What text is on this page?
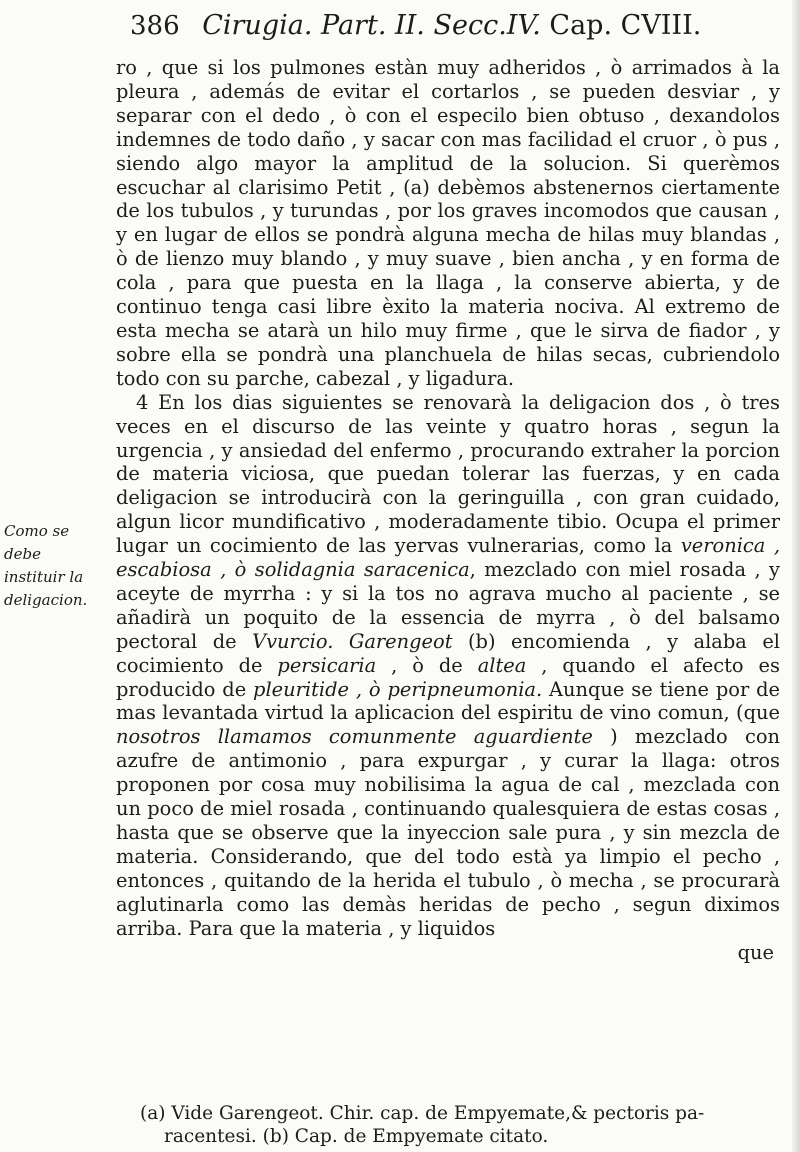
386 Cirugia. Part. II. Secc.IV. Cap. CVIII.
Como se debe instituir la deligacion.

ro , que si los pulmones estàn muy adheridos , ò arrimados à la pleura , además de evitar el cortarlos , se pueden desviar , y separar con el dedo , ò con el especilo bien obtuso , dexandolos indemnes de todo daño , y sacar con mas facilidad el cruor , ò pus , siendo algo mayor la amplitud de la solucion. Si querèmos escuchar al clarisimo Petit , (a) debèmos abstenernos ciertamente de los tubulos , y turundas , por los graves incomodos que causan , y en lugar de ellos se pondrà alguna mecha de hilas muy blandas , ò de lienzo muy blando , y muy suave , bien ancha , y en forma de cola , para que puesta en la llaga , la conserve abierta, y de continuo tenga casi libre èxito la materia nociva. Al extremo de esta mecha se atarà un hilo muy firme , que le sirva de fiador , y sobre ella se pondrà una planchuela de hilas secas, cubriendolo todo con su parche, cabezal , y ligadura.

4 En los dias siguientes se renovarà la deligacion dos , ò tres veces en el discurso de las veinte y quatro horas , segun la urgencia , y ansiedad del enfermo , procurando extraher la porcion de materia viciosa, que puedan tolerar las fuerzas, y en cada deligacion se introducirà con la geringuilla , con gran cuidado, algun licor mundificativo , moderadamente tibio. Ocupa el primer lugar un cocimiento de las yervas vulnerarias, como la veronica , escabiosa , ò solidagnia saracenica, mezclado con miel rosada , y aceyte de myrrha : y si la tos no agrava mucho al paciente , se añadirà un poquito de la essencia de myrra , ò del balsamo pectoral de Vvurcio. Garengeot (b) encomienda , y alaba el cocimiento de persicaria , ò de altea , quando el afecto es producido de pleuritide , ò peripneumonia. Aunque se tiene por de mas levantada virtud la aplicacion del espiritu de vino comun, (que nosotros llamamos comunmente aguardiente ) mezclado con azufre de antimonio , para expurgar , y curar la llaga: otros proponen por cosa muy nobilisima la agua de cal , mezclada con un poco de miel rosada , continuando qualesquiera de estas cosas , hasta que se observe que la inyeccion sale pura , y sin mezcla de materia. Considerando, que del todo està ya limpio el pecho , entonces , quitando de la herida el tubulo , ò mecha , se procurarà aglutinarla como las demàs heridas de pecho , segun diximos arriba. Para que la materia , y liquidos

que

(a) Vide Garengeot. Chir. cap. de Empyemate,& pectoris pa-

racentesi. (b) Cap. de Empyemate citato.
